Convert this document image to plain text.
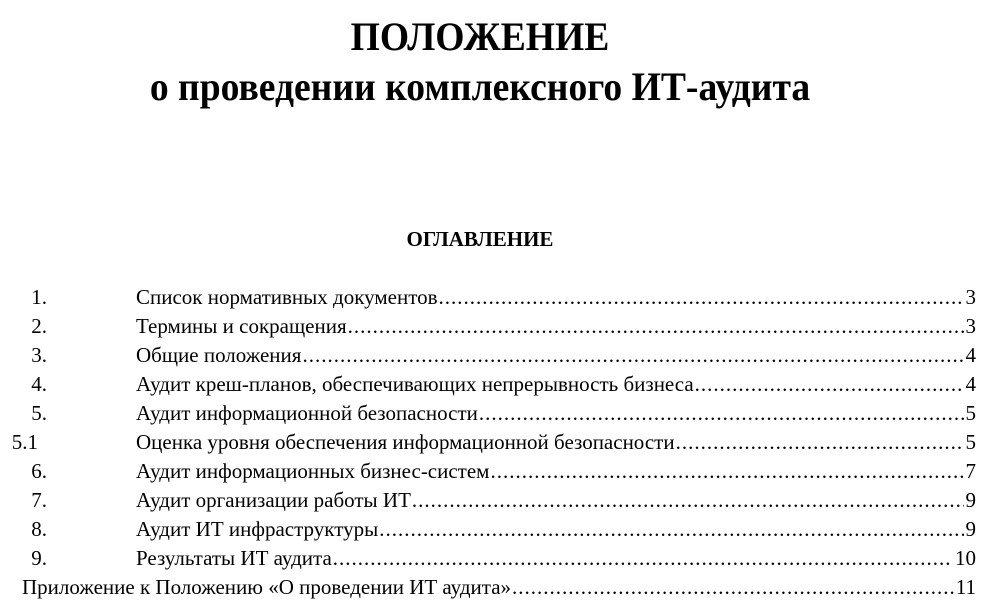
ПОЛОЖЕНИЕ
о проведении комплексного ИТ-аудита
ОГЛАВЛЕНИЕ
1.	Список нормативных документов .....	3
2.	Термины и сокращения .....	3
3.	Общие положения .....	4
4.	Аудит креш-планов, обеспечивающих непрерывность бизнеса .....	4
5.	Аудит информационной безопасности .....	5
5.1	Оценка уровня обеспечения информационной безопасности .....	5
6.	Аудит информационных бизнес-систем .....	7
7.	Аудит организации работы ИТ .....	9
8.	Аудит ИТ инфраструктуры .....	9
9.	Результаты ИТ аудита .....	10
Приложение к Положению «О проведении ИТ аудита» .....	11
